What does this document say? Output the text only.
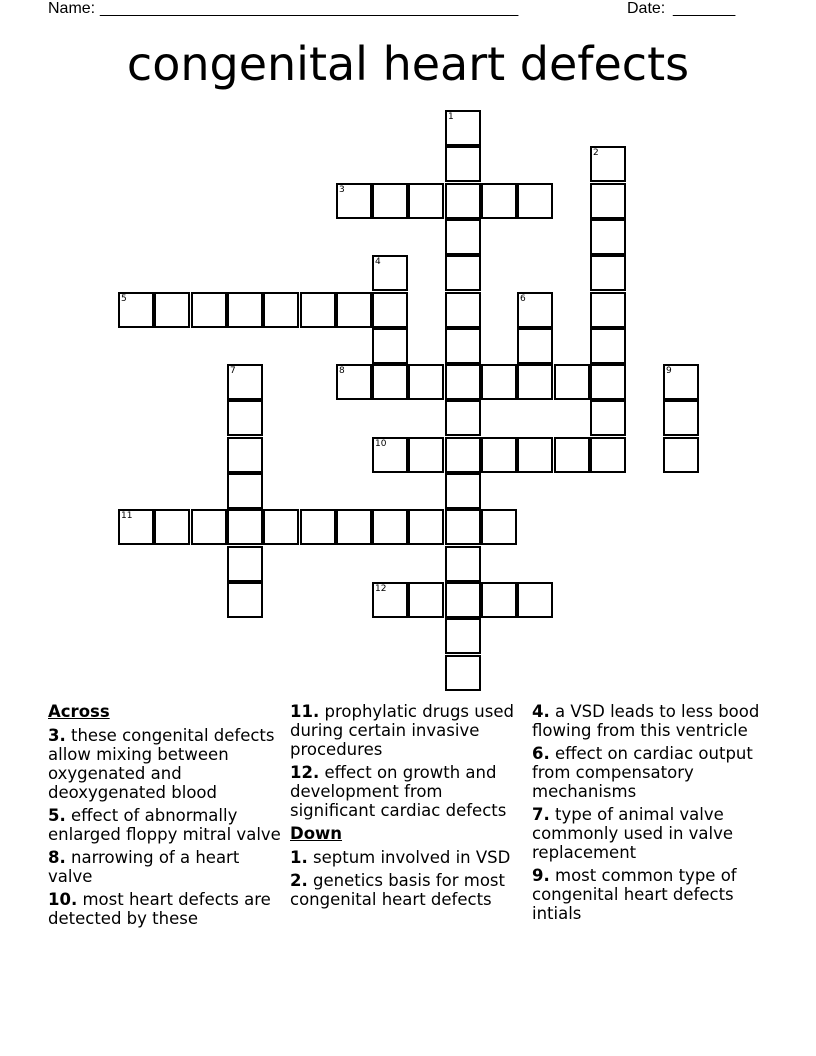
Name: _______________________________________________	Date: _______
congenital heart defects
1
2
3
4
5	6
7	8	9
10
11
12
Across
3. these congenital defects allow mixing between oxygenated and deoxygenated blood
5. effect of abnormally enlarged floppy mitral valve
8. narrowing of a heart valve
10. most heart defects are detected by these
11. prophylatic drugs used during certain invasive procedures
12. effect on growth and development from significant cardiac defects
Down
1. septum involved in VSD
2. genetics basis for most congenital heart defects
4. a VSD leads to less bood flowing from this ventricle
6. effect on cardiac output from compensatory mechanisms
7. type of animal valve commonly used in valve replacement
9. most common type of congenital heart defects intials
